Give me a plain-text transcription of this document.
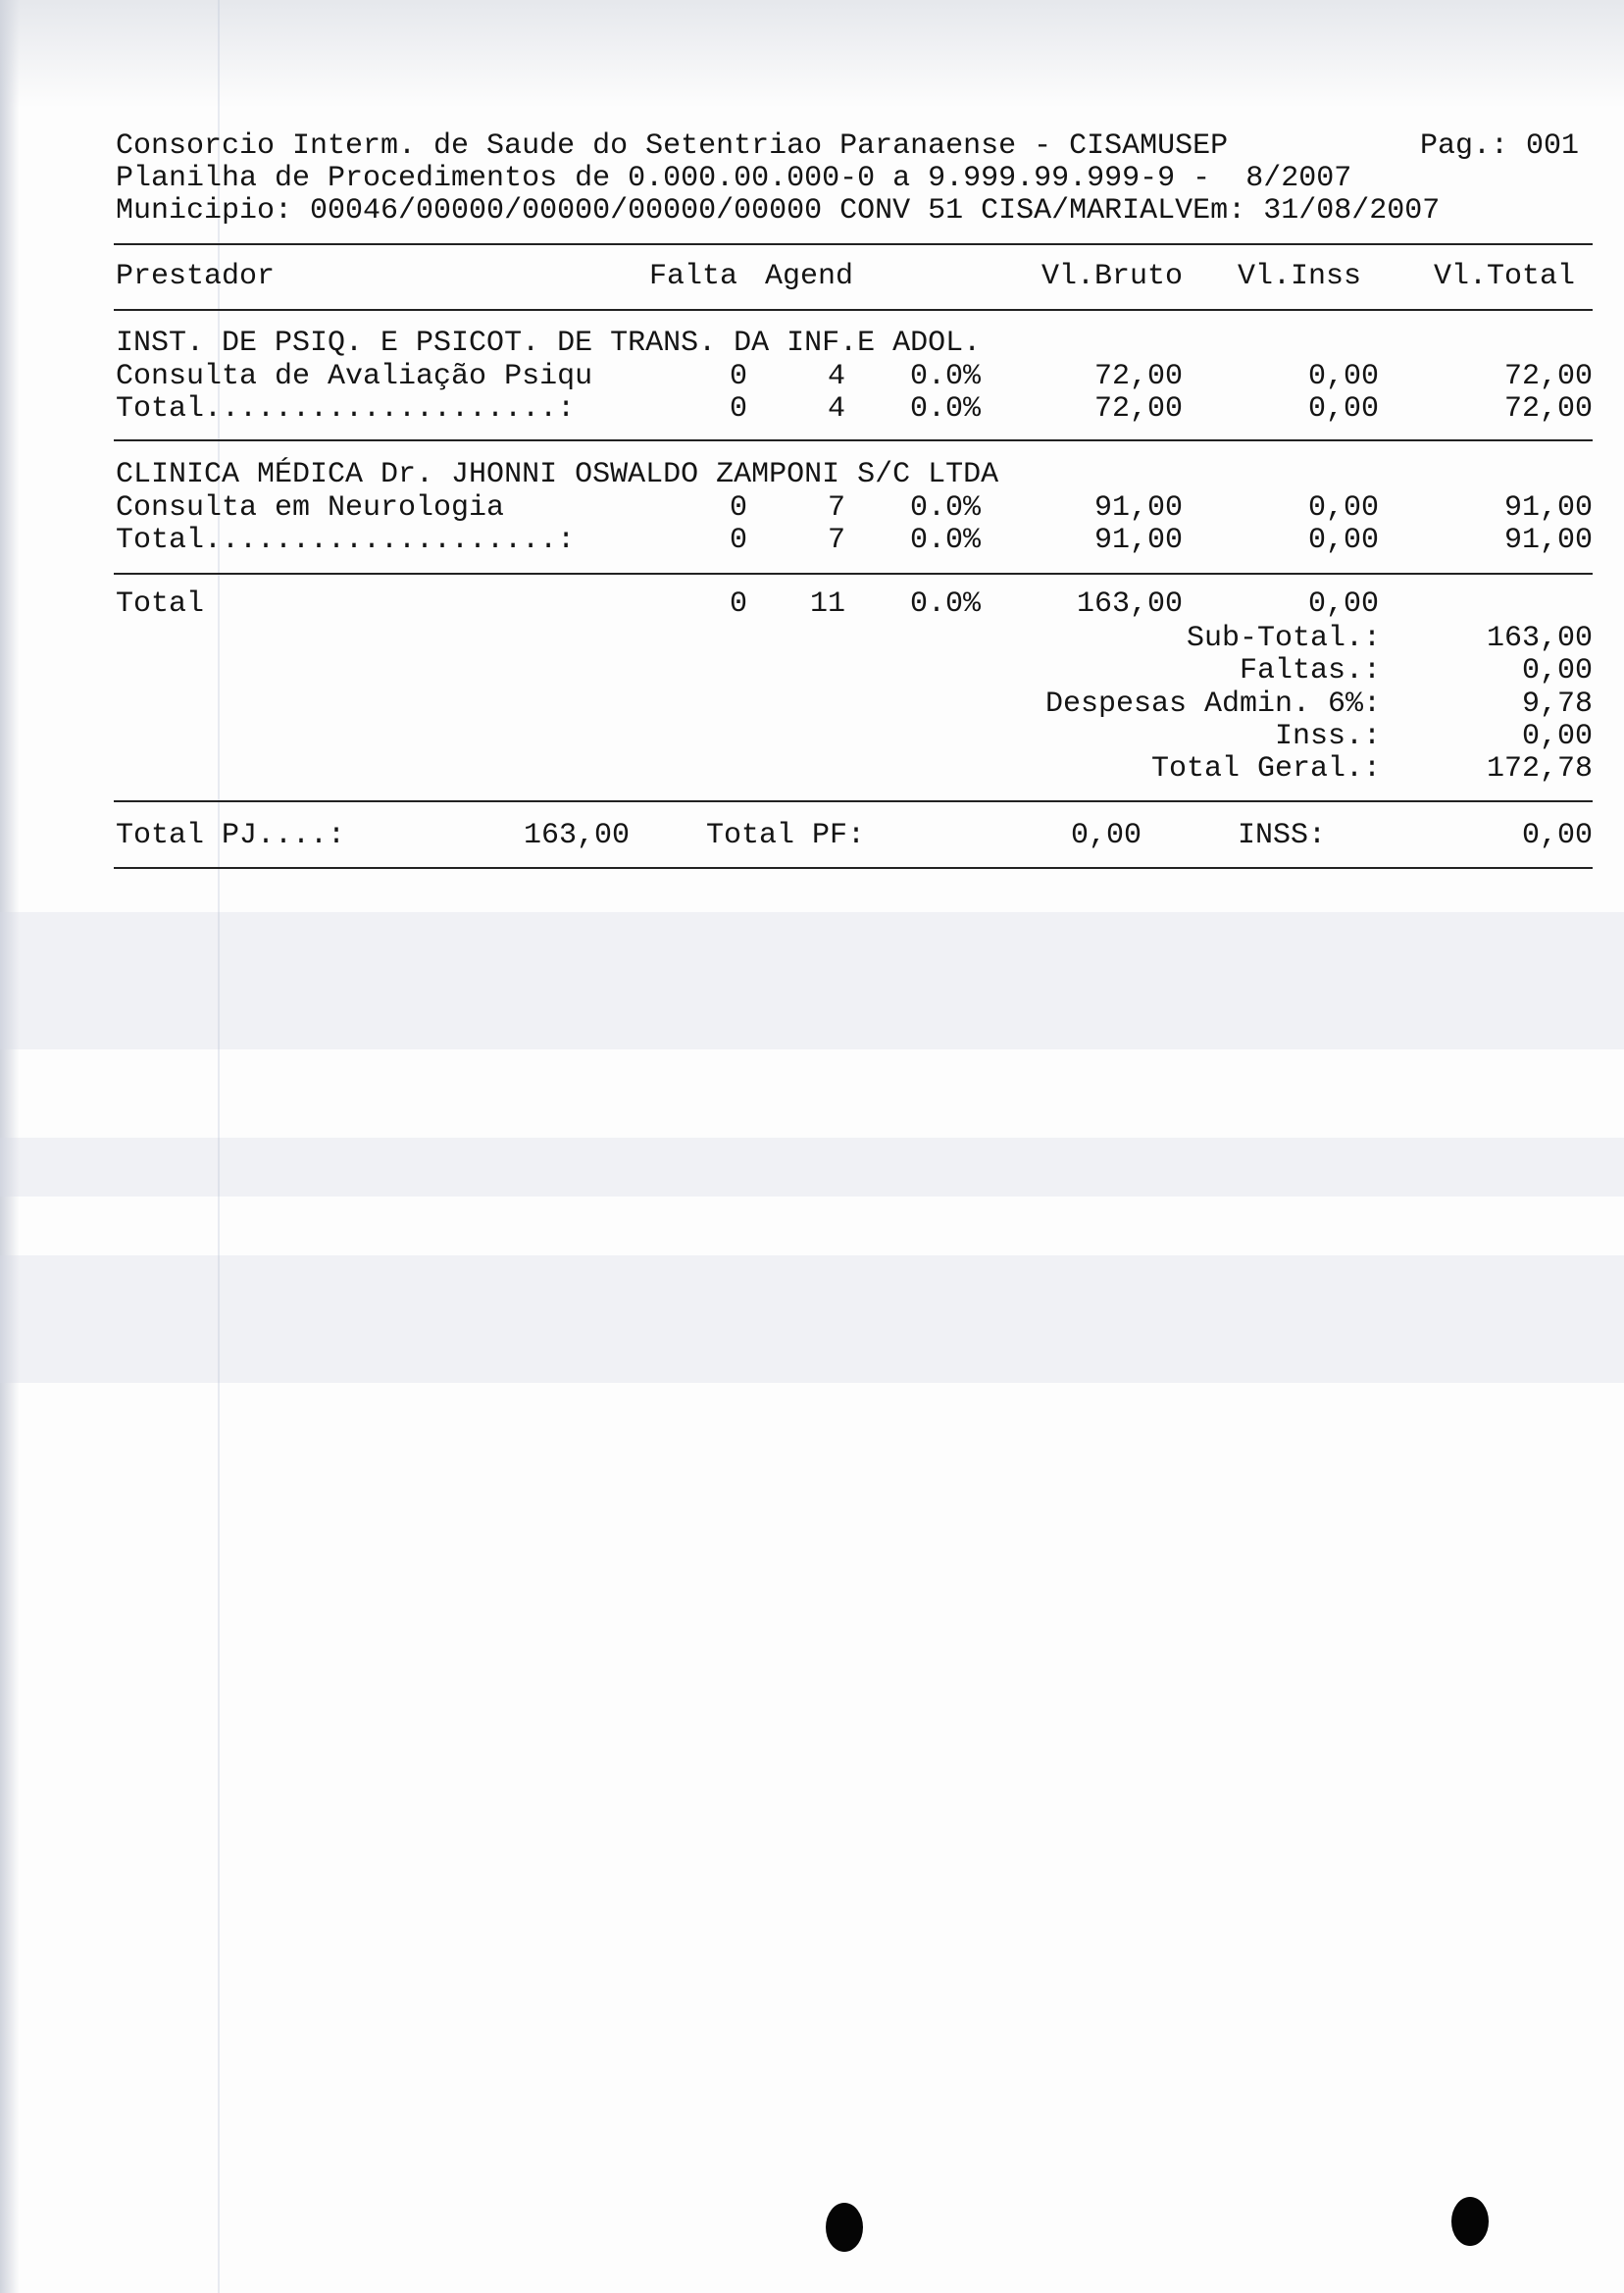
Consorcio Interm. de Saude do Setentriao Paranaense - CISAMUSEP	Pag.: 001
Planilha de Procedimentos de 0.000.00.000-0 a 9.999.99.999-9 -  8/2007
Municipio: 00046/00000/00000/00000/00000 CONV 51 CISA/MARIALVEm: 31/08/2007
Prestador	Falta Agend	Vl.Bruto	Vl.Inss	Vl.Total
INST. DE PSIQ. E PSICOT. DE TRANS. DA INF.E ADOL.
Consulta de Avaliação Psiqu	0	4	0.0%	72,00	0,00	72,00
Total....................:	0	4	0.0%	72,00	0,00	72,00
CLINICA MÉDICA Dr. JHONNI OSWALDO ZAMPONI S/C LTDA
Consulta em Neurologia	0	7	0.0%	91,00	0,00	91,00
Total....................:	0	7	0.0%	91,00	0,00	91,00
Total	0	11	0.0%	163,00	0,00
Sub-Total.:	163,00
Faltas.:	0,00
Despesas Admin. 6%:	9,78
Inss.:	0,00
Total Geral.:	172,78
Total PJ....:	163,00	Total PF:	0,00	INSS:	0,00
